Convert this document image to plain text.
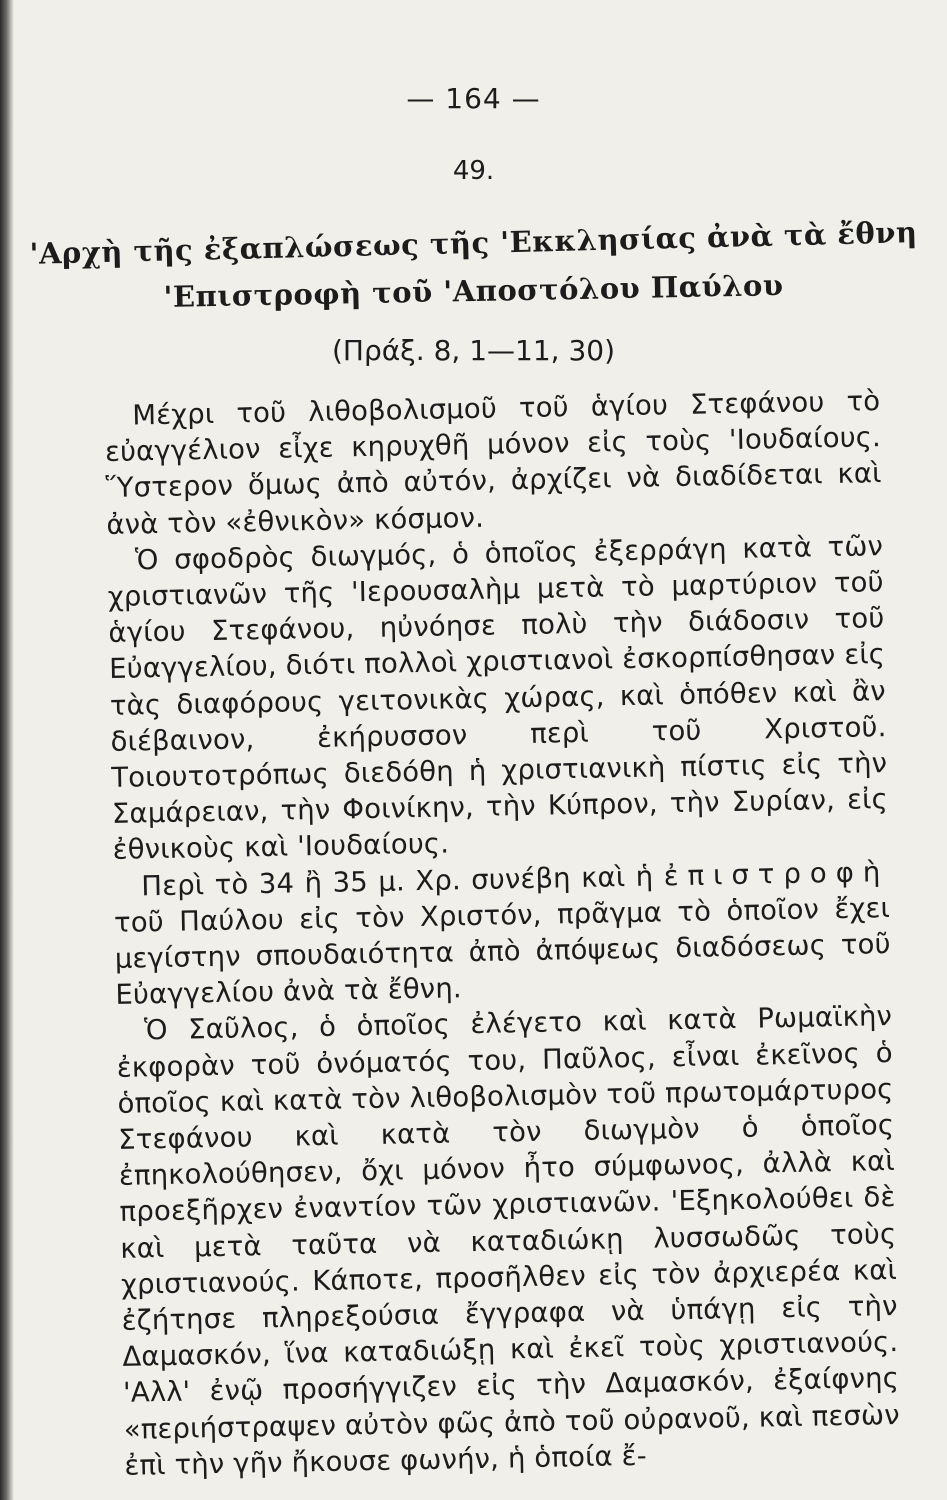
— 164 —
49.
'Αρχὴ τῆς ἐξαπλώσεως τῆς 'Εκκλησίας ἀνὰ τὰ ἔθνη
'Επιστροφὴ τοῦ 'Αποστόλου Παύλου
(Πράξ. 8, 1—11, 30)

Μέχρι τοῦ λιθοβολισμοῦ τοῦ ἁγίου Στεφάνου τὸ εὐαγγέλιον εἶχε κηρυχθῆ μόνον εἰς τοὺς 'Ιουδαίους. Ὕστερον ὅμως ἀπὸ αὐτόν, ἀρχίζει νὰ διαδίδεται καὶ ἀνὰ τὸν «ἐθνικὸν» κόσμον.

Ὁ σφοδρὸς διωγμός, ὁ ὁποῖος ἐξερράγη κατὰ τῶν χριστιανῶν τῆς 'Ιερουσαλὴμ μετὰ τὸ μαρτύριον τοῦ ἁγίου Στεφάνου, ηὐνόησε πολὺ τὴν διάδοσιν τοῦ Εὐαγγελίου, διότι πολλοὶ χριστιανοὶ ἐσκορπίσθησαν εἰς τὰς διαφόρους γειτονικὰς χώρας, καὶ ὁπόθεν καὶ ἂν διέβαινον, ἐκήρυσσον περὶ τοῦ Χριστοῦ. Τοιουτοτρόπως διεδόθη ἡ χριστιανικὴ πίστις εἰς τὴν Σαμάρειαν, τὴν Φοινίκην, τὴν Κύπρον, τὴν Συρίαν, εἰς ἐθνικοὺς καὶ 'Ιουδαίους.

Περὶ τὸ 34 ἢ 35 μ. Χρ. συνέβη καὶ ἡ ἐπιστροφὴ τοῦ Παύλου εἰς τὸν Χριστόν, πρᾶγμα τὸ ὁποῖον ἔχει μεγίστην σπουδαιότητα ἀπὸ ἀπόψεως διαδόσεως τοῦ Εὐαγγελίου ἀνὰ τὰ ἔθνη.

Ὁ Σαῦλος, ὁ ὁποῖος ἐλέγετο καὶ κατὰ Ρωμαϊκὴν ἐκφορὰν τοῦ ὀνόματός του, Παῦλος, εἶναι ἐκεῖνος ὁ ὁποῖος καὶ κατὰ τὸν λιθοβολισμὸν τοῦ πρωτομάρτυρος Στεφάνου καὶ κατὰ τὸν διωγμὸν ὁ ὁποῖος ἐπηκολούθησεν, ὄχι μόνον ἦτο σύμφωνος, ἀλλὰ καὶ προεξῆρχεν ἐναντίον τῶν χριστιανῶν. 'Εξηκολούθει δὲ καὶ μετὰ ταῦτα νὰ καταδιώκῃ λυσσωδῶς τοὺς χριστιανούς. Κάποτε, προσῆλθεν εἰς τὸν ἀρχιερέα καὶ ἐζήτησε πληρεξούσια ἔγγραφα νὰ ὑπάγῃ εἰς τὴν Δαμασκόν, ἵνα καταδιώξῃ καὶ ἐκεῖ τοὺς χριστιανούς. 'Αλλ' ἐνῷ προσήγγιζεν εἰς τὴν Δαμασκόν, ἐξαίφνης «περιήστραψεν αὐτὸν φῶς ἀπὸ τοῦ οὐρανοῦ, καὶ πεσὼν ἐπὶ τὴν γῆν ἤκουσε φωνήν, ἡ ὁποία ἔ-
